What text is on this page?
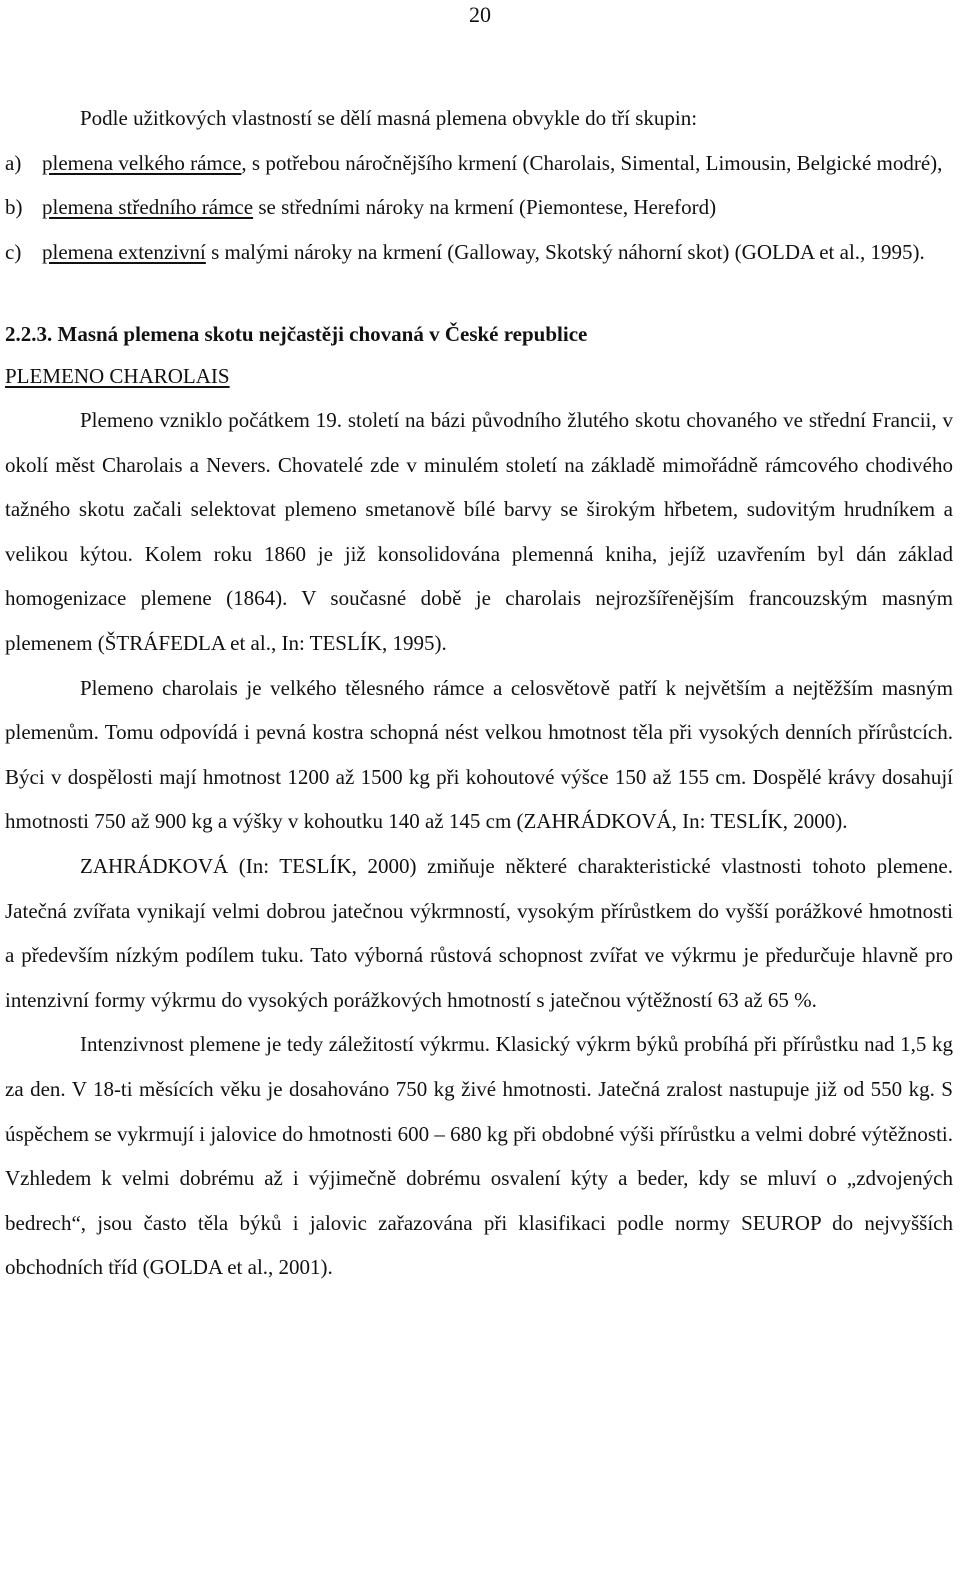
20
Podle užitkových vlastností se dělí masná plemena obvykle do tří skupin:
a) plemena velkého rámce, s potřebou náročnějšího krmení (Charolais, Simental, Limousin, Belgické modré),
b) plemena středního rámce se středními nároky na krmení (Piemontese, Hereford)
c) plemena extenzivní s malými nároky na krmení (Galloway, Skotský náhorní skot) (GOLDA et al., 1995).
2.2.3. Masná plemena skotu nejčastěji chovaná v České republice
PLEMENO CHAROLAIS
Plemeno vzniklo počátkem 19. století na bázi původního žlutého skotu chovaného ve střední Francii, v okolí měst Charolais a Nevers. Chovatelé zde v minulém století na základě mimořádně rámcového chodivého tažného skotu začali selektovat plemeno smetanově bílé barvy se širokým hřbetem, sudovitým hrudníkem a velikou kýtou. Kolem roku 1860 je již konsolidována plemenná kniha, jejíž uzavřením byl dán základ homogenizace plemene (1864). V současné době je charolais nejrozšířenějším francouzským masným plemenem (ŠTRÁFEDLA et al., In: TESLÍK, 1995).
Plemeno charolais je velkého tělesného rámce a celosvětově patří k největším a nejtěžším masným plemenům. Tomu odpovídá i pevná kostra schopná nést velkou hmotnost těla při vysokých denních přírůstcích. Býci v dospělosti mají hmotnost 1200 až 1500 kg při kohoutové výšce 150 až 155 cm. Dospělé krávy dosahují hmotnosti 750 až 900 kg a výšky v kohoutku 140 až 145 cm (ZAHRÁDKOVÁ, In: TESLÍK, 2000).
ZAHRÁDKOVÁ (In: TESLÍK, 2000) zmiňuje některé charakteristické vlastnosti tohoto plemene. Jatečná zvířata vynikají velmi dobrou jatečnou výkrmností, vysokým přírůstkem do vyšší porážkové hmotnosti a především nízkým podílem tuku. Tato výborná růstová schopnost zvířat ve výkrmu je předurčuje hlavně pro intenzivní formy výkrmu do vysokých porážkových hmotností s jatečnou výtěžností 63 až 65 %.
Intenzivnost plemene je tedy záležitostí výkrmu. Klasický výkrm býků probíhá při přírůstku nad 1,5 kg za den. V 18-ti měsících věku je dosahováno 750 kg živé hmotnosti. Jatečná zralost nastupuje již od 550 kg. S úspěchem se vykrmují i jalovice do hmotnosti 600 – 680 kg při obdobné výši přírůstku a velmi dobré výtěžnosti. Vzhledem k velmi dobrému až i výjimečně dobrému osvalení kýty a beder, kdy se mluví o „zdvojených bedrech“, jsou často těla býků i jalovic zařazována při klasifikaci podle normy SEUROP do nejvyšších obchodních tříd (GOLDA et al., 2001).
